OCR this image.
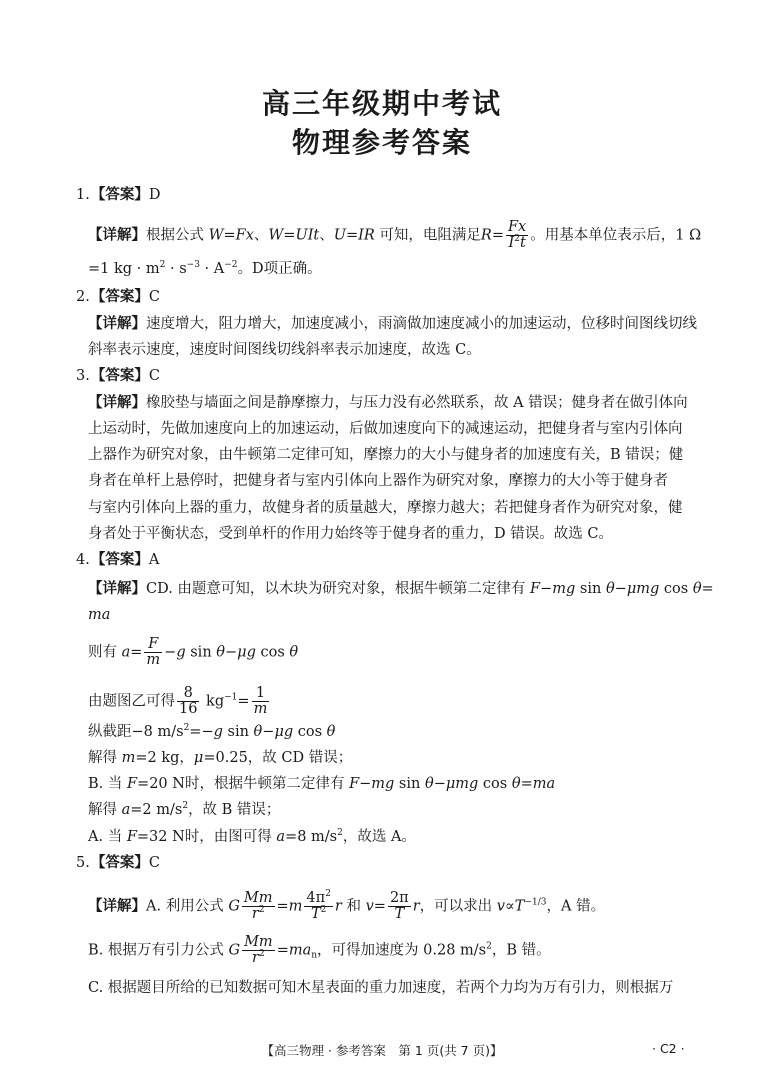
高三年级期中考试
物理参考答案
1.【答案】D
【详解】根据公式 W=Fx、W=UIt、U=IR 可知，电阻满足$R= \frac{Fx}{I^2t}$ 。用基本单位表示后，1 Ω
=1 kg · $m^2 \cdot s^{-3} \cdot A^{-2}$。D项正确。
2.【答案】C
【详解】速度增大，阻力增大，加速度减小，雨滴做加速度减小的加速运动，位移时间图线切线
斜率表示速度，速度时间图线切线斜率表示加速度，故选 C。
3.【答案】C
【详解】橡胶垫与墙面之间是静摩擦力，与压力没有必然联系，故 A 错误；健身者在做引体向
上运动时，先做加速度向上的加速运动，后做加速度向下的减速运动，把健身者与室内引体向
上器作为研究对象，由牛顿第二定律可知，摩擦力的大小与健身者的加速度有关，B 错误；健
身者在单杆上悬停时，把健身者与室内引体向上器作为研究对象，摩擦力的大小等于健身者
与室内引体向上器的重力，故健身者的质量越大，摩擦力越大；若把健身者作为研究对象，健
身者处于平衡状态，受到单杆的作用力始终等于健身者的重力，D 错误。故选 C。
4.【答案】A
【详解】CD. 由题意可知，以木块为研究对象，根据牛顿第二定律有 F−mg sin θ−μmg cos θ=
ma
则有 $a= \frac{F}{m} -g$ sin θ−μg cos θ
由题图乙可得 $\frac{8}{16} kg^{-1}= \frac{1}{m}$
纵截距−8 $m/s^2=-g$ sin θ−μg cos θ
解得 m=2 kg，μ=0.25，故 CD 错误；
B. 当 F=20 N时，根据牛顿第二定律有 F−mg sin θ−μmg cos θ=ma
解得 a=2 $m/s^2$，故 B 错误；
A. 当 F=32 N时，由图可得 a=8 $m/s^2$，故选 A。
5.【答案】C
【详解】A. 利用公式 G $\frac{Mm}{r^2} =m \frac{4\pi^2}{T^2}$ r 和 $v= \frac{2\pi}{T}$ r，可以求出 $v\propto T^{-1/3}$，A 错。
B. 根据万有引力公式 G $\frac{Mm}{r^2} =ma_n$，可得加速度为 0.28 $m/s^2$，B 错。
C. 根据题目所给的已知数据可知木星表面的重力加速度，若两个力均为万有引力，则根据万
【高三物理 · 参考答案　第 1 页(共 7 页)】	· C2 ·
